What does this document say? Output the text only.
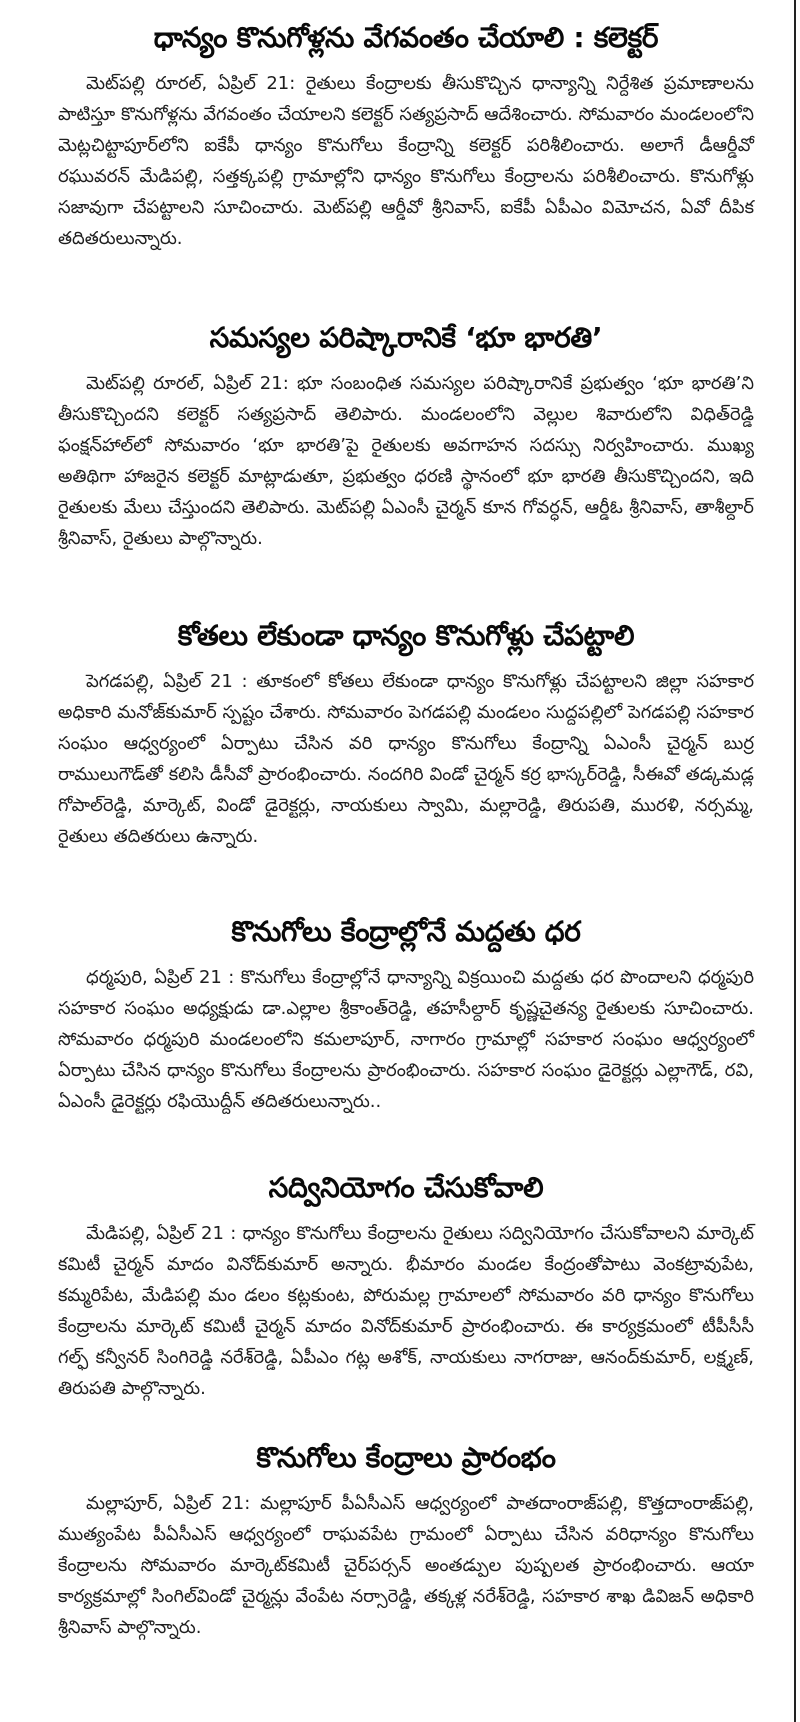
ధాన్యం కొనుగోళ్లను వేగవంతం చేయాలి : కలెక్టర్

మెట్‌పల్లి రూరల్, ఏప్రిల్ 21: రైతులు కేంద్రాలకు తీసుకొచ్చిన ధాన్యాన్ని నిర్దేశిత ప్రమాణాలను పాటిస్తూ కొనుగోళ్లను వేగవంతం చేయాలని కలెక్టర్ సత్యప్రసాద్ ఆదేశించారు. సోమవారం మండలంలోని మెట్లచిట్టాపూర్‌లోని ఐకేపీ ధాన్యం కొనుగోలు కేంద్రాన్ని కలెక్టర్ పరిశీలించారు. అలాగే డీఆర్డీవో రఘువరన్ మేడిపల్లి, సత్తక్కపల్లి గ్రామాల్లోని ధాన్యం కొనుగోలు కేంద్రాలను పరిశీలించారు. కొనుగోళ్లు సజావుగా చేపట్టాలని సూచించారు. మెట్‌పల్లి ఆర్డీవో శ్రీనివాస్, ఐకేపీ ఏపీఎం విమోచన, ఏవో దీపిక తదితరులున్నారు.

సమస్యల పరిష్కారానికే ‘భూ భారతి’

మెట్‌పల్లి రూరల్, ఏప్రిల్ 21: భూ సంబంధిత సమస్యల పరిష్కారానికే ప్రభుత్వం ‘భూ భారతి’ని తీసుకొచ్చిందని కలెక్టర్ సత్యప్రసాద్ తెలిపారు. మండలంలోని వెల్లుల శివారులోని విధిత్‌రెడ్డి ఫంక్షన్‌హాల్‌లో సోమవారం ‘భూ భారతి’పై రైతులకు అవగాహన సదస్సు నిర్వహించారు. ముఖ్య అతిథిగా హాజరైన కలెక్టర్ మాట్లాడుతూ, ప్రభుత్వం ధరణి స్థానంలో భూ భారతి తీసుకొచ్చిందని, ఇది రైతులకు మేలు చేస్తుందని తెలిపారు. మెట్‌పల్లి ఏఎంసీ చైర్మన్ కూన గోవర్ధన్, ఆర్డీఓ శ్రీనివాస్, తాశీల్దార్ శ్రీనివాస్, రైతులు పాల్గొన్నారు.

కోతలు లేకుండా ధాన్యం కొనుగోళ్లు చేపట్టాలి

పెగడపల్లి, ఏప్రిల్ 21 : తూకంలో కోతలు లేకుండా ధాన్యం కొనుగోళ్లు చేపట్టాలని జిల్లా సహకార అధికారి మనోజ్‌కుమార్ స్పష్టం చేశారు. సోమవారం పెగడపల్లి మండలం సుద్దపల్లిలో పెగడపల్లి సహకార సంఘం ఆధ్వర్యంలో ఏర్పాటు చేసిన వరి ధాన్యం కొనుగోలు కేంద్రాన్ని ఏఎంసీ చైర్మన్ బుర్ర రాములుగౌడ్‌తో కలిసి డీసీవో ప్రారంభించారు. నందగిరి విండో చైర్మన్ కర్ర భాస్కర్‌రెడ్డి, సీఈవో తడ్కమడ్ల గోపాల్‌రెడ్డి, మార్కెట్, విండో డైరెక్టర్లు, నాయకులు స్వామి, మల్లారెడ్డి, తిరుపతి, మురళి, నర్సమ్మ, రైతులు తదితరులు ఉన్నారు.

కొనుగోలు కేంద్రాల్లోనే మద్దతు ధర

ధర్మపురి, ఏప్రిల్ 21 : కొనుగోలు కేంద్రాల్లోనే ధాన్యాన్ని విక్రయించి మద్దతు ధర పొందాలని ధర్మపురి సహకార సంఘం అధ్యక్షుడు డా.ఎల్లాల శ్రీకాంత్‌రెడ్డి, తహసీల్దార్ కృష్ణచైతన్య రైతులకు సూచించారు. సోమవారం ధర్మపురి మండలంలోని కమలాపూర్, నాగారం గ్రామాల్లో సహకార సంఘం ఆధ్వర్యంలో ఏర్పాటు చేసిన ధాన్యం కొనుగోలు కేంద్రాలను ప్రారంభించారు. సహకార సంఘం డైరెక్టర్లు ఎల్లాగౌడ్, రవి, ఏఎంసీ డైరెక్టర్లు రఫియొద్దీన్ తదితరులున్నారు..

సద్వినియోగం చేసుకోవాలి

మేడిపల్లి, ఏప్రిల్ 21 : ధాన్యం కొనుగోలు కేంద్రాలను రైతులు సద్వినియోగం చేసుకోవాలని మార్కెట్ కమిటీ చైర్మన్ మాదం వినోద్‌కుమార్ అన్నారు. భీమారం మండల కేంద్రంతోపాటు వెంకట్రావుపేట, కమ్మరిపేట, మేడిపల్లి మం డలం కట్లకుంట, పోరుమల్ల గ్రామాలలో సోమవారం వరి ధాన్యం కొనుగోలు కేంద్రాలను మార్కెట్ కమిటీ చైర్మన్ మాదం వినోద్‌కుమార్ ప్రారంభించారు. ఈ కార్యక్రమంలో టీపీసీసీ గల్ఫ్ కన్వీనర్ సింగిరెడ్డి నరేశ్‌రెడ్డి, ఏపీఎం గట్ల అశోక్, నాయకులు నాగరాజు, ఆనంద్‌కుమార్, లక్ష్మణ్, తిరుపతి పాల్గొన్నారు.

కొనుగోలు కేంద్రాలు ప్రారంభం

మల్లాపూర్, ఏప్రిల్ 21: మల్లాపూర్ పీఏసీఎస్ ఆధ్వర్యంలో పాతదాంరాజ్‌పల్లి, కొత్తదాంరాజ్‌పల్లి, ముత్యంపేట పీఏసీఎస్ ఆధ్వర్యంలో రాఘవపేట గ్రామంలో ఏర్పాటు చేసిన వరిధాన్యం కొనుగోలు కేంద్రాలను సోమవారం మార్కెట్‌కమిటీ చైర్‌పర్సన్ అంతడ్పుల పుష్పలత ప్రారంభించారు. ఆయా కార్యక్రమాల్లో సింగిల్‌విండో చైర్మన్లు వేంపేట నర్సారెడ్డి, తక్కళ్ల నరేశ్‌రెడ్డి, సహకార శాఖ డివిజన్ అధికారి శ్రీనివాస్ పాల్గొన్నారు.
